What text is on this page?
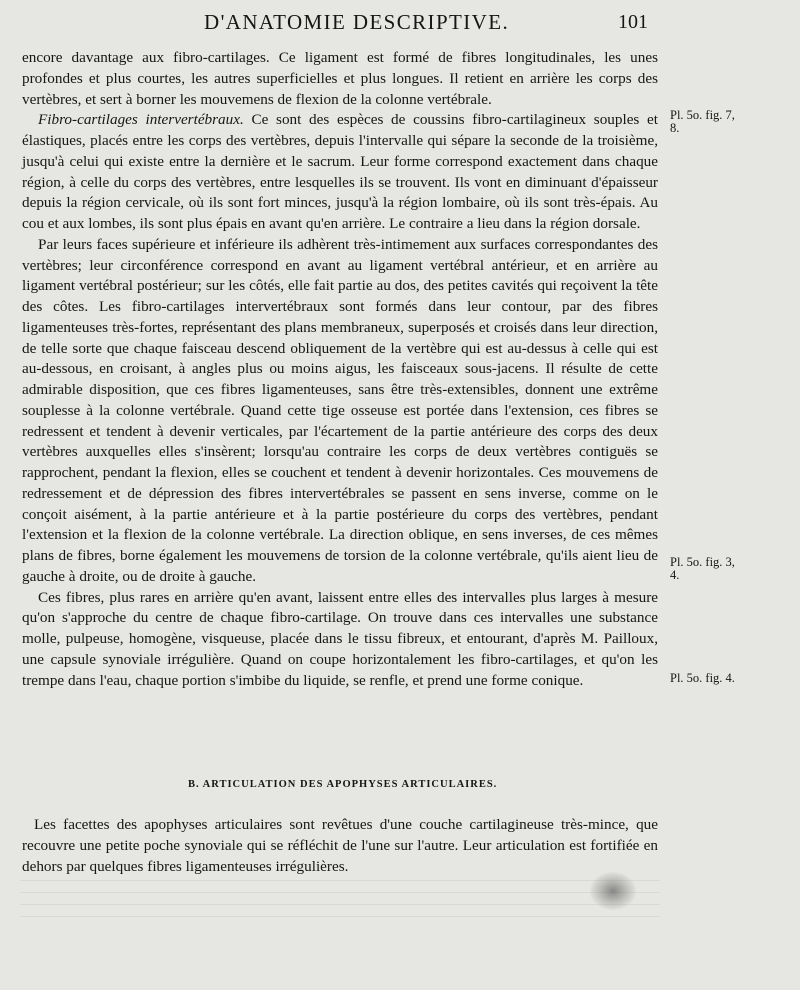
D'ANATOMIE DESCRIPTIVE.	101

encore davantage aux fibro-cartilages. Ce ligament est formé de fibres longitudinales, les unes profondes et plus courtes, les autres superficielles et plus longues. Il retient en arrière les corps des vertèbres, et sert à borner les mouvemens de flexion de la colonne vertébrale.

Fibro-cartilages intervertébraux. Ce sont des espèces de coussins fibro-cartilagineux souples et élastiques, placés entre les corps des vertèbres, depuis l'intervalle qui sépare la seconde de la troisième, jusqu'à celui qui existe entre la dernière et le sacrum. Leur forme correspond exactement dans chaque région, à celle du corps des vertèbres, entre lesquelles ils se trouvent. Ils vont en diminuant d'épaisseur depuis la région cervicale, où ils sont fort minces, jusqu'à la région lombaire, où ils sont très-épais. Au cou et aux lombes, ils sont plus épais en avant qu'en arrière. Le contraire a lieu dans la région dorsale.

Par leurs faces supérieure et inférieure ils adhèrent très-intimement aux surfaces correspondantes des vertèbres; leur circonférence correspond en avant au ligament vertébral antérieur, et en arrière au ligament vertébral postérieur; sur les côtés, elle fait partie au dos, des petites cavités qui reçoivent la tête des côtes. Les fibro-cartilages intervertébraux sont formés dans leur contour, par des fibres ligamenteuses très-fortes, représentant des plans membraneux, superposés et croisés dans leur direction, de telle sorte que chaque faisceau descend obliquement de la vertèbre qui est au-dessus à celle qui est au-dessous, en croisant, à angles plus ou moins aigus, les faisceaux sous-jacens. Il résulte de cette admirable disposition, que ces fibres ligamenteuses, sans être très-extensibles, donnent une extrême souplesse à la colonne vertébrale. Quand cette tige osseuse est portée dans l'extension, ces fibres se redressent et tendent à devenir verticales, par l'écartement de la partie antérieure des corps des deux vertèbres auxquelles elles s'insèrent; lorsqu'au contraire les corps de deux vertèbres contiguës se rapprochent, pendant la flexion, elles se couchent et tendent à devenir horizontales. Ces mouvemens de redressement et de dépression des fibres intervertébrales se passent en sens inverse, comme on le conçoit aisément, à la partie antérieure et à la partie postérieure du corps des vertèbres, pendant l'extension et la flexion de la colonne vertébrale. La direction oblique, en sens inverses, de ces mêmes plans de fibres, borne également les mouvemens de torsion de la colonne vertébrale, qu'ils aient lieu de gauche à droite, ou de droite à gauche.

Ces fibres, plus rares en arrière qu'en avant, laissent entre elles des intervalles plus larges à mesure qu'on s'approche du centre de chaque fibro-cartilage. On trouve dans ces intervalles une substance molle, pulpeuse, homogène, visqueuse, placée dans le tissu fibreux, et entourant, d'après M. Pailloux, une capsule synoviale irrégulière. Quand on coupe horizontalement les fibro-cartilages, et qu'on les trempe dans l'eau, chaque portion s'imbibe du liquide, se renfle, et prend une forme conique.

B. ARTICULATION DES APOPHYSES ARTICULAIRES.

Les facettes des apophyses articulaires sont revêtues d'une couche cartilagineuse très-mince, que recouvre une petite poche synoviale qui se réfléchit de l'une sur l'autre. Leur articulation est fortifiée en dehors par quelques fibres ligamenteuses irrégulières.

Pl. 5o. fig. 7,
8.
Pl. 5o. fig. 3,
4.
Pl. 5o. fig. 4.
